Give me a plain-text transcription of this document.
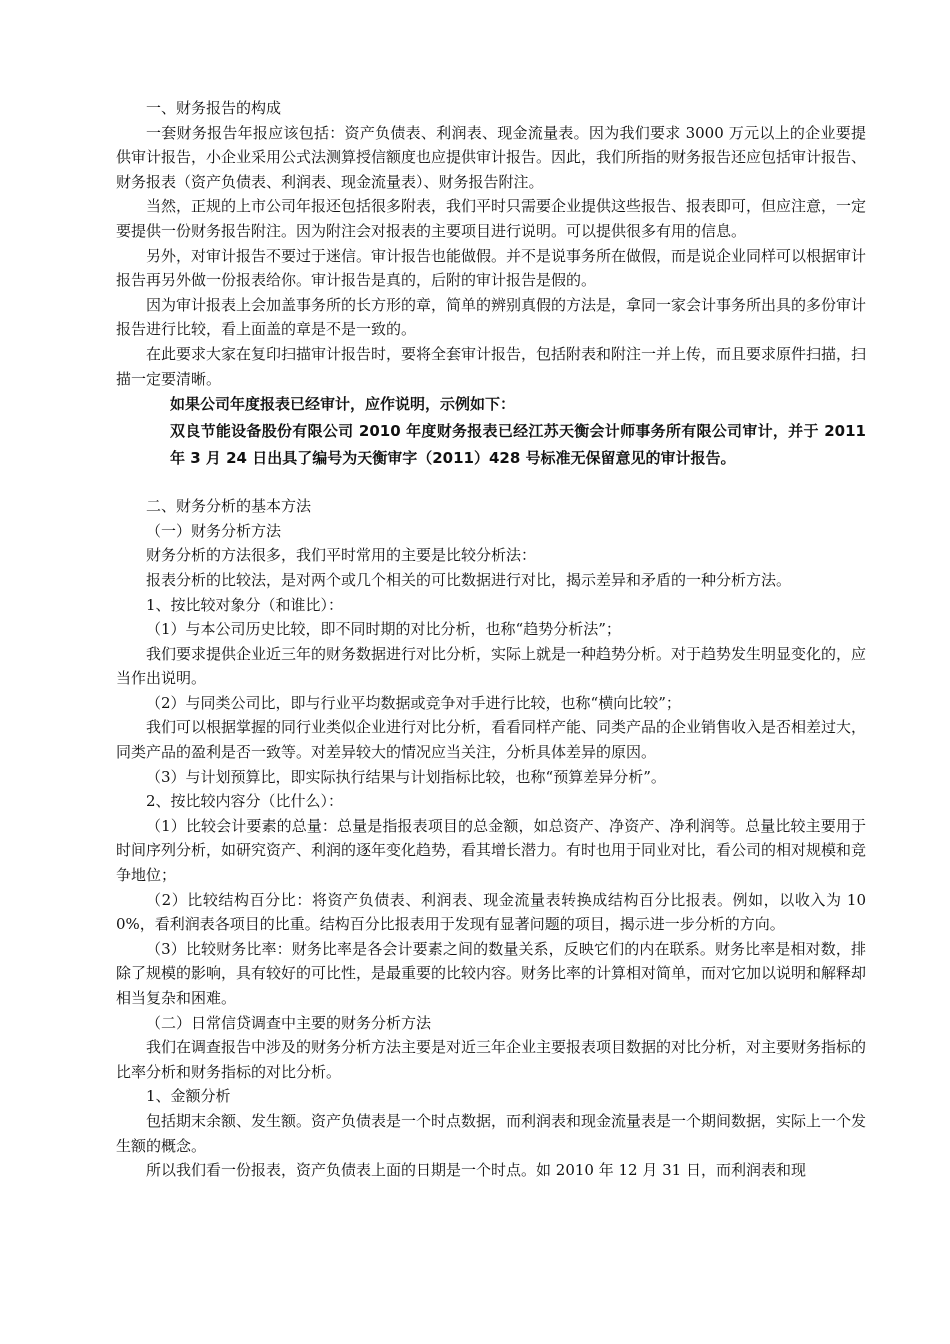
一、财务报告的构成

一套财务报告年报应该包括：资产负债表、利润表、现金流量表。因为我们要求 3000 万元以上的企业要提供审计报告，小企业采用公式法测算授信额度也应提供审计报告。因此，我们所指的财务报告还应包括审计报告、财务报表（资产负债表、利润表、现金流量表）、财务报告附注。

当然，正规的上市公司年报还包括很多附表，我们平时只需要企业提供这些报告、报表即可，但应注意，一定要提供一份财务报告附注。因为附注会对报表的主要项目进行说明。可以提供很多有用的信息。

另外，对审计报告不要过于迷信。审计报告也能做假。并不是说事务所在做假，而是说企业同样可以根据审计报告再另外做一份报表给你。审计报告是真的，后附的审计报告是假的。

因为审计报表上会加盖事务所的长方形的章，简单的辨别真假的方法是，拿同一家会计事务所出具的多份审计报告进行比较，看上面盖的章是不是一致的。

在此要求大家在复印扫描审计报告时，要将全套审计报告，包括附表和附注一并上传，而且要求原件扫描，扫描一定要清晰。

如果公司年度报表已经审计，应作说明，示例如下：

双良节能设备股份有限公司 2010 年度财务报表已经江苏天衡会计师事务所有限公司审计，并于 2011 年 3 月 24 日出具了编号为天衡审字（2011）428 号标准无保留意见的审计报告。

二、财务分析的基本方法

（一）财务分析方法

财务分析的方法很多，我们平时常用的主要是比较分析法：

报表分析的比较法，是对两个或几个相关的可比数据进行对比，揭示差异和矛盾的一种分析方法。

1、按比较对象分（和谁比）：

（1）与本公司历史比较，即不同时期的对比分析，也称“趋势分析法”；

我们要求提供企业近三年的财务数据进行对比分析，实际上就是一种趋势分析。对于趋势发生明显变化的，应当作出说明。

（2）与同类公司比，即与行业平均数据或竞争对手进行比较，也称“横向比较”；

我们可以根据掌握的同行业类似企业进行对比分析，看看同样产能、同类产品的企业销售收入是否相差过大，同类产品的盈利是否一致等。对差异较大的情况应当关注，分析具体差异的原因。

（3）与计划预算比，即实际执行结果与计划指标比较，也称“预算差异分析”。

2、按比较内容分（比什么）：

（1）比较会计要素的总量：总量是指报表项目的总金额，如总资产、净资产、净利润等。总量比较主要用于时间序列分析，如研究资产、利润的逐年变化趋势，看其增长潜力。有时也用于同业对比，看公司的相对规模和竞争地位；

（2）比较结构百分比：将资产负债表、利润表、现金流量表转换成结构百分比报表。例如，以收入为 100%，看利润表各项目的比重。结构百分比报表用于发现有显著问题的项目，揭示进一步分析的方向。

（3）比较财务比率：财务比率是各会计要素之间的数量关系，反映它们的内在联系。财务比率是相对数，排除了规模的影响，具有较好的可比性，是最重要的比较内容。财务比率的计算相对简单，而对它加以说明和解释却相当复杂和困难。

（二）日常信贷调查中主要的财务分析方法

我们在调查报告中涉及的财务分析方法主要是对近三年企业主要报表项目数据的对比分析，对主要财务指标的比率分析和财务指标的对比分析。

1、金额分析

包括期末余额、发生额。资产负债表是一个时点数据，而利润表和现金流量表是一个期间数据，实际上一个发生额的概念。

所以我们看一份报表，资产负债表上面的日期是一个时点。如 2010 年 12 月 31 日，而利润表和现
